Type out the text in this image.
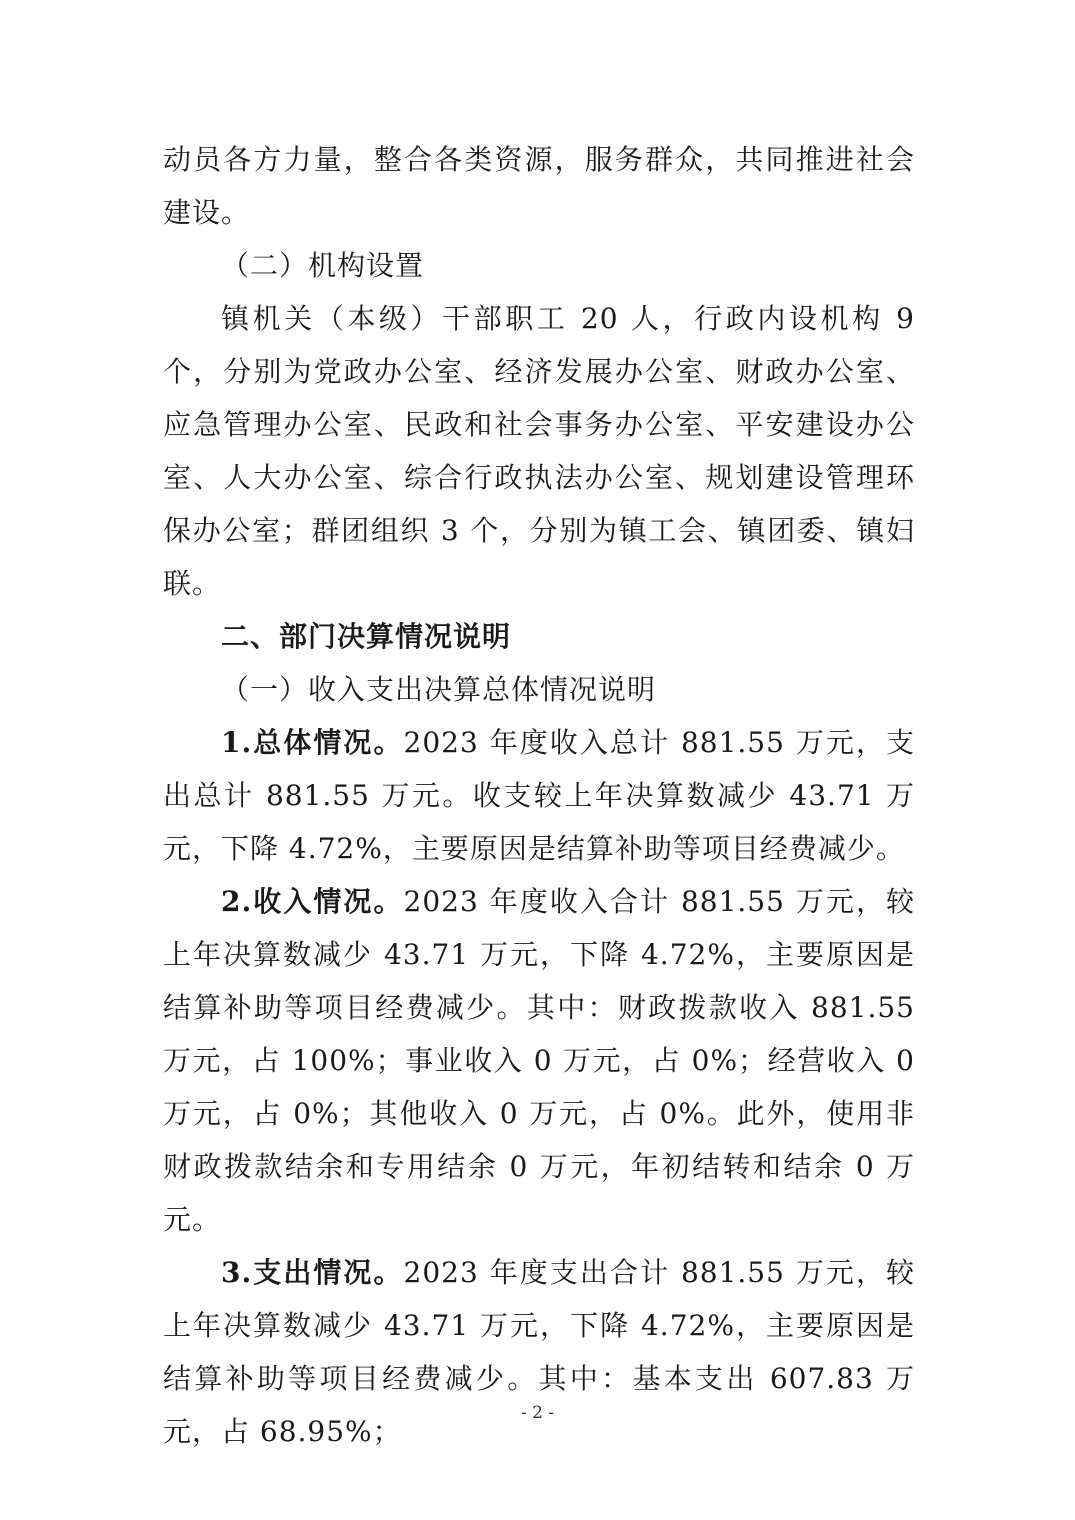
动员各方力量，整合各类资源，服务群众，共同推进社会建设。

（二）机构设置

镇机关（本级）干部职工 20 人，行政内设机构 9 个，分别为党政办公室、经济发展办公室、财政办公室、应急管理办公室、民政和社会事务办公室、平安建设办公室、人大办公室、综合行政执法办公室、规划建设管理环保办公室；群团组织 3 个，分别为镇工会、镇团委、镇妇联。

二、部门决算情况说明

（一）收入支出决算总体情况说明

1.总体情况。2023 年度收入总计 881.55 万元，支出总计 881.55 万元。收支较上年决算数减少 43.71 万元，下降 4.72%，主要原因是结算补助等项目经费减少。

2.收入情况。2023 年度收入合计 881.55 万元，较上年决算数减少 43.71 万元，下降 4.72%，主要原因是结算补助等项目经费减少。其中：财政拨款收入 881.55 万元，占 100%；事业收入 0 万元，占 0%；经营收入 0 万元，占 0%；其他收入 0 万元，占 0%。此外，使用非财政拨款结余和专用结余 0 万元，年初结转和结余 0 万元。

3.支出情况。2023 年度支出合计 881.55 万元，较上年决算数减少 43.71 万元，下降 4.72%，主要原因是结算补助等项目经费减少。其中：基本支出 607.83 万元，占 68.95%；

- 2 -
